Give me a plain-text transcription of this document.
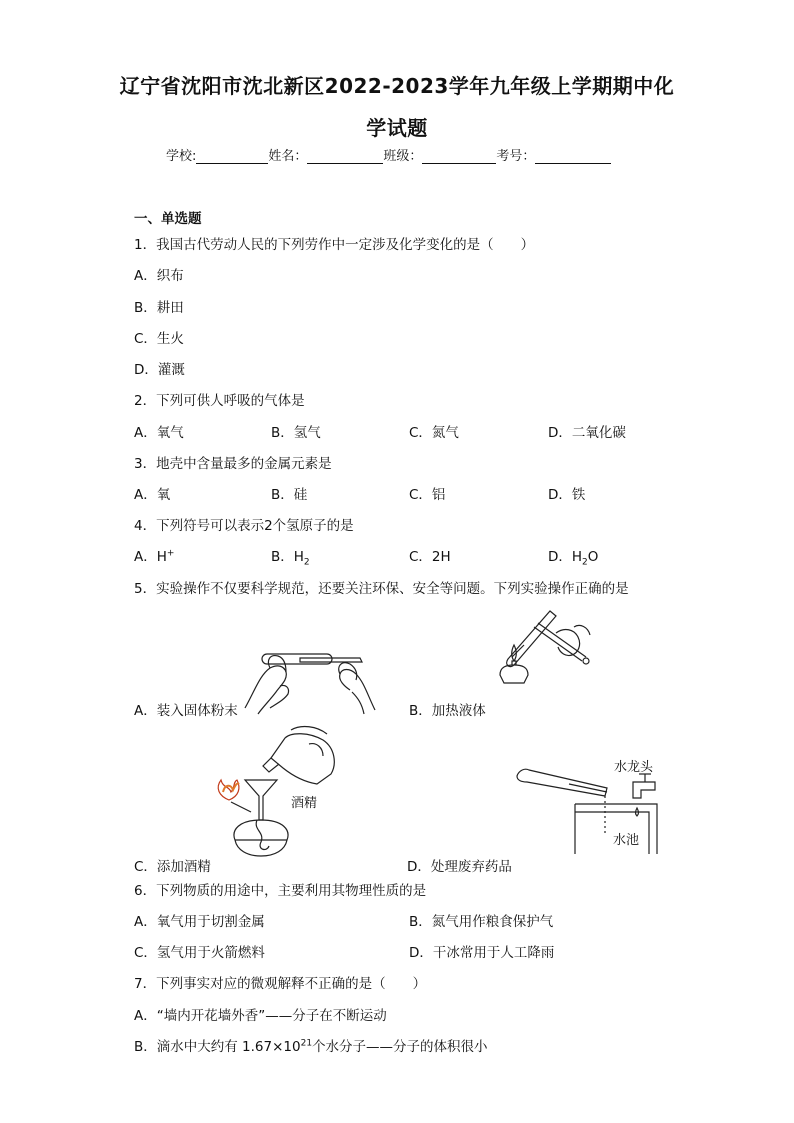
辽宁省沈阳市沈北新区2022-2023学年九年级上学期期中化
学试题
学校:	姓名：	班级：	考号：
一、单选题
1．我国古代劳动人民的下列劳作中一定涉及化学变化的是（　　）
A．织布
B．耕田
C．生火
D．灌溉
2．下列可供人呼吸的气体是
A．氧气	B．氢气	C．氮气	D．二氧化碳
3．地壳中含量最多的金属元素是
A．氧	B．硅	C．铝	D．铁
4．下列符号可以表示2个氢原子的是
A．H+	B．$H_2$	C．2H	D．$H_2O$
5．实验操作不仅要科学规范，还要关注环保、安全等问题。下列实验操作正确的是
A．装入固体粉末	B．加热液体
酒精
C．添加酒精
水龙头
水池
D．处理废弃药品
6．下列物质的用途中，主要利用其物理性质的是
A．氧气用于切割金属	B．氮气用作粮食保护气
C．氢气用于火箭燃料	D．干冰常用于人工降雨
7．下列事实对应的微观解释不正确的是（　　）
A．“墙内开花墙外香”——分子在不断运动
B．滴水中大约有 $1.67\times 10^{21}$个水分子——分子的体积很小
